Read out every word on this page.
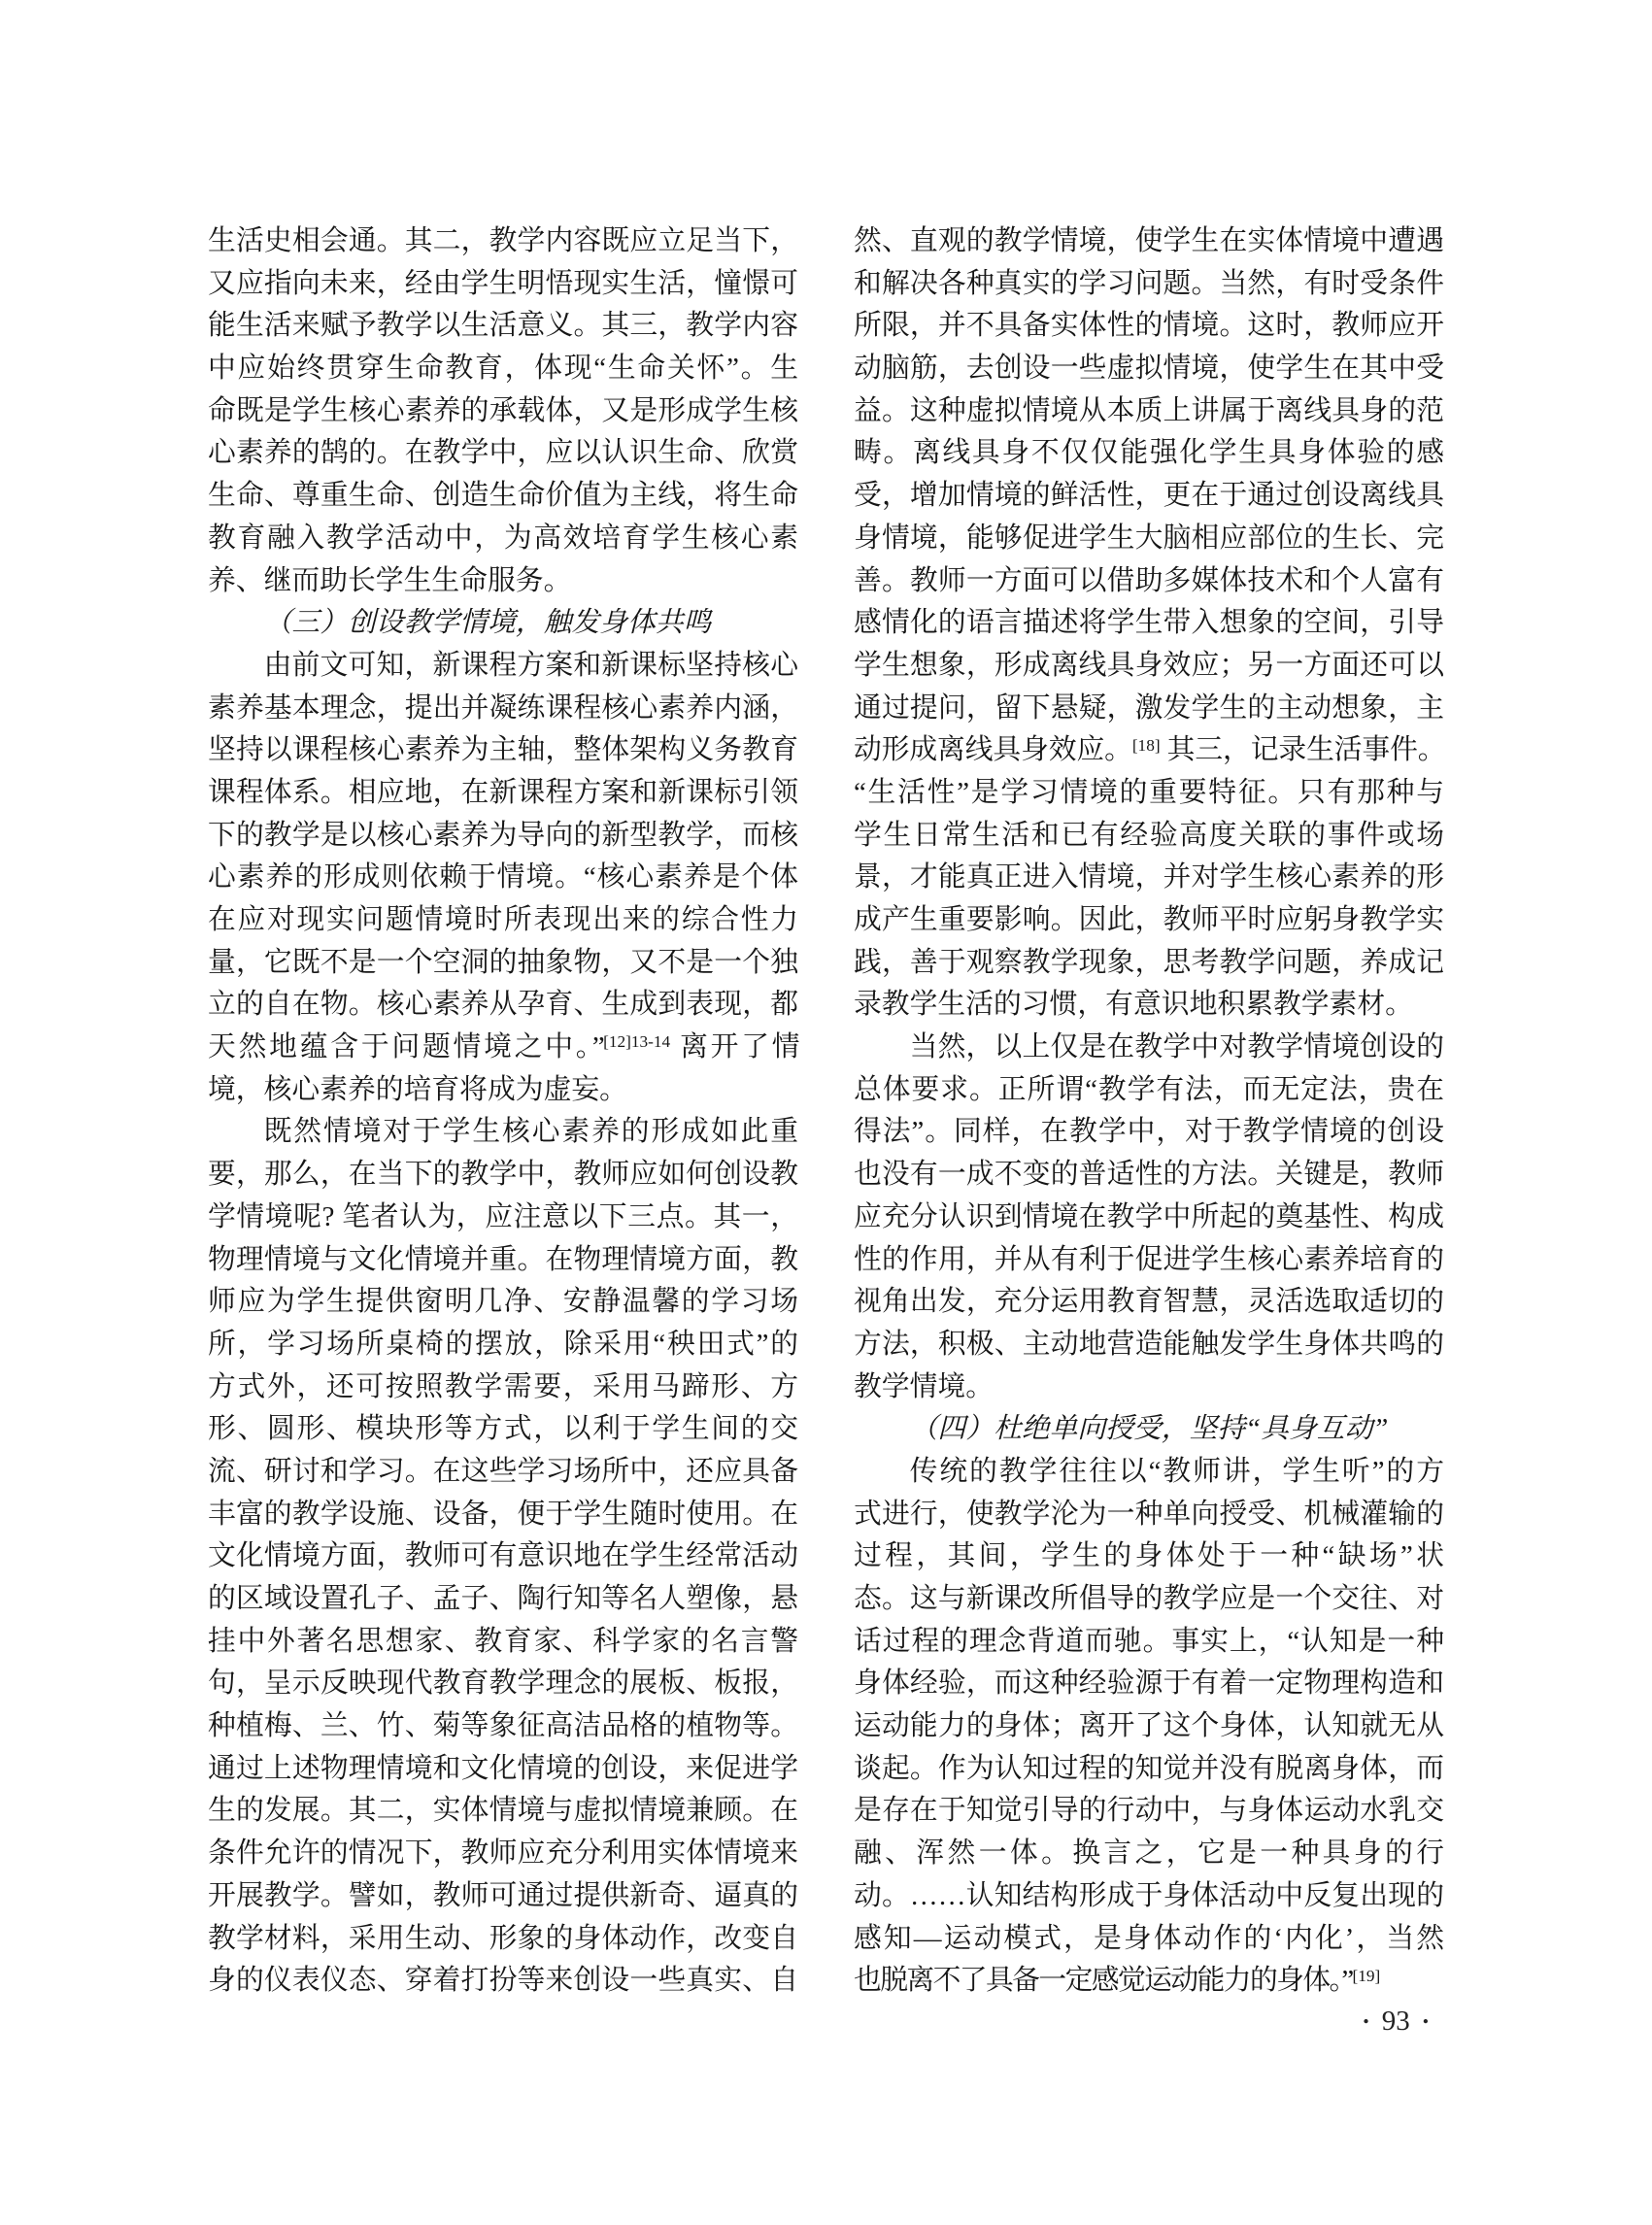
生活史相会通。其二，教学内容既应立足当下，
又应指向未来，经由学生明悟现实生活，憧憬可
能生活来赋予教学以生活意义。其三，教学内容
中应始终贯穿生命教育，体现“生命关怀”。生
命既是学生核心素养的承载体，又是形成学生核
心素养的鹄的。在教学中，应以认识生命、欣赏
生命、尊重生命、创造生命价值为主线，将生命
教育融入教学活动中，为高效培育学生核心素
养、继而助长学生生命服务。
（三）创设教学情境，触发身体共鸣
由前文可知，新课程方案和新课标坚持核心
素养基本理念，提出并凝练课程核心素养内涵，
坚持以课程核心素养为主轴，整体架构义务教育
课程体系。相应地，在新课程方案和新课标引领
下的教学是以核心素养为导向的新型教学，而核
心素养的形成则依赖于情境。“核心素养是个体
在应对现实问题情境时所表现出来的综合性力
量，它既不是一个空洞的抽象物，又不是一个独
立的自在物。核心素养从孕育、生成到表现，都
天然地蕴含于问题情境之中。”$^{[12]13-14}$ 离开了情
境，核心素养的培育将成为虚妄。
既然情境对于学生核心素养的形成如此重
要，那么，在当下的教学中，教师应如何创设教
学情境呢? 笔者认为，应注意以下三点。其一，
物理情境与文化情境并重。在物理情境方面，教
师应为学生提供窗明几净、安静温馨的学习场
所，学习场所桌椅的摆放，除采用“秧田式”的
方式外，还可按照教学需要，采用马蹄形、方
形、圆形、模块形等方式，以利于学生间的交
流、研讨和学习。在这些学习场所中，还应具备
丰富的教学设施、设备，便于学生随时使用。在
文化情境方面，教师可有意识地在学生经常活动
的区域设置孔子、孟子、陶行知等名人塑像，悬
挂中外著名思想家、教育家、科学家的名言警
句，呈示反映现代教育教学理念的展板、板报，
种植梅、兰、竹、菊等象征高洁品格的植物等。
通过上述物理情境和文化情境的创设，来促进学
生的发展。其二，实体情境与虚拟情境兼顾。在
条件允许的情况下，教师应充分利用实体情境来
开展教学。譬如，教师可通过提供新奇、逼真的
教学材料，采用生动、形象的身体动作，改变自
身的仪表仪态、穿着打扮等来创设一些真实、自
然、直观的教学情境，使学生在实体情境中遭遇
和解决各种真实的学习问题。当然，有时受条件
所限，并不具备实体性的情境。这时，教师应开
动脑筋，去创设一些虚拟情境，使学生在其中受
益。这种虚拟情境从本质上讲属于离线具身的范
畴。离线具身不仅仅能强化学生具身体验的感
受，增加情境的鲜活性，更在于通过创设离线具
身情境，能够促进学生大脑相应部位的生长、完
善。教师一方面可以借助多媒体技术和个人富有
感情化的语言描述将学生带入想象的空间，引导
学生想象，形成离线具身效应；另一方面还可以
通过提问，留下悬疑，激发学生的主动想象，主
动形成离线具身效应。[18] 其三，记录生活事件。
“生活性”是学习情境的重要特征。只有那种与
学生日常生活和已有经验高度关联的事件或场
景，才能真正进入情境，并对学生核心素养的形
成产生重要影响。因此，教师平时应躬身教学实
践，善于观察教学现象，思考教学问题，养成记
录教学生活的习惯，有意识地积累教学素材。
当然，以上仅是在教学中对教学情境创设的
总体要求。正所谓“教学有法，而无定法，贵在
得法”。同样，在教学中，对于教学情境的创设
也没有一成不变的普适性的方法。关键是，教师
应充分认识到情境在教学中所起的奠基性、构成
性的作用，并从有利于促进学生核心素养培育的
视角出发，充分运用教育智慧，灵活选取适切的
方法，积极、主动地营造能触发学生身体共鸣的
教学情境。
（四）杜绝单向授受，坚持“具身互动”
传统的教学往往以“教师讲，学生听”的方
式进行，使教学沦为一种单向授受、机械灌输的
过程，其间，学生的身体处于一种“缺场”状
态。这与新课改所倡导的教学应是一个交往、对
话过程的理念背道而驰。事实上，“认知是一种
身体经验，而这种经验源于有着一定物理构造和
运动能力的身体；离开了这个身体，认知就无从
谈起。作为认知过程的知觉并没有脱离身体，而
是存在于知觉引导的行动中，与身体运动水乳交
融、浑然一体。换言之，它是一种具身的行
动。……认知结构形成于身体活动中反复出现的
感知—运动模式，是身体动作的‘内化’，当然
也脱离不了具备一定感觉运动能力的身体。”[19]
• 93 •
